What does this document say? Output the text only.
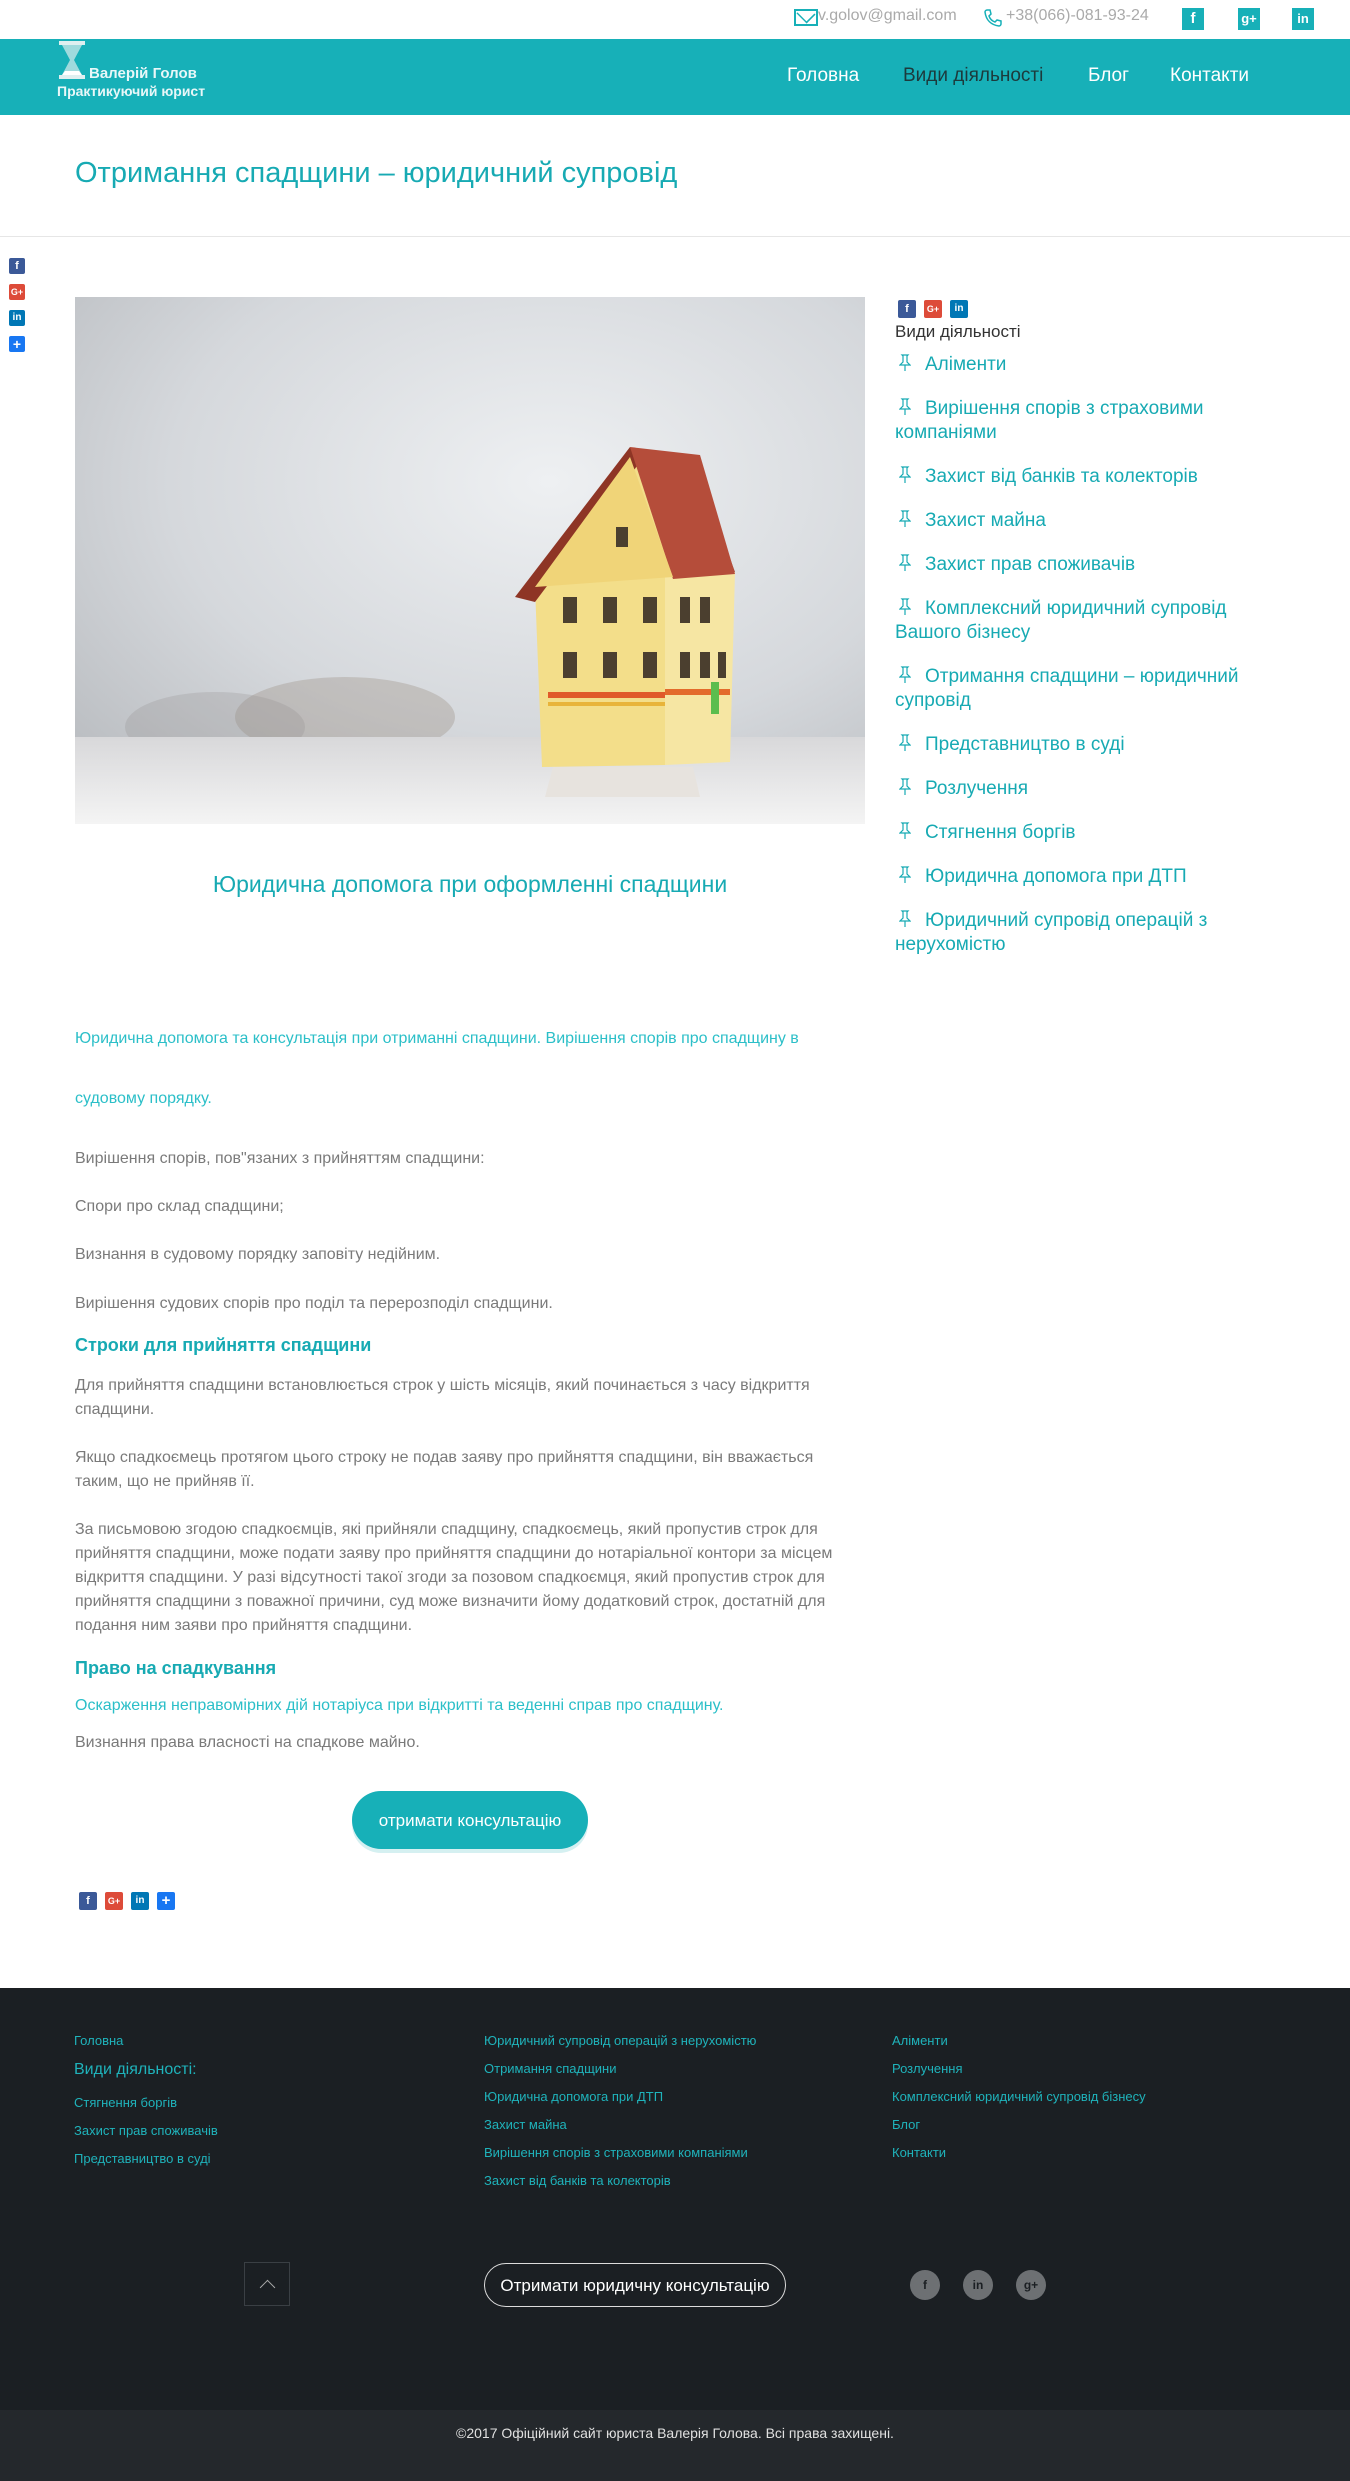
v.golov@gmail.com	+38(066)-081-93-24	f	g+	in
Валерій Голов
Практикуючий юрист
Головна Види діяльності Блог Контакти
Отримання спадщини – юридичний супровід
f
G+
in
+
Юридична допомога при оформленні спадщини
Юридична допомога та консультація при отриманні спадщини. Вирішення спорів про спадщину в
судовому порядку.
Вирішення спорів, пов"язаних з прийняттям спадщини:
Спори про склад спадщини;
Визнання в судовому порядку заповіту недійним.
Вирішення судових спорів про поділ та перерозподіл спадщини.
Строки для прийняття спадщини
Для прийняття спадщини встановлюється строк у шість місяців, який починається з часу відкриття спадщини.
Якщо спадкоємець протягом цього строку не подав заяву про прийняття спадщини, він вважається таким, що не прийняв її.
За письмовою згодою спадкоємців, які прийняли спадщину, спадкоємець, який пропустив строк для прийняття спадщини, може подати заяву про прийняття спадщини до нотаріальної контори за місцем відкриття спадщини. У разі відсутності такої згоди за позовом спадкоємця, який пропустив строк для прийняття спадщини з поважної причини, суд може визначити йому додатковий строк, достатній для подання ним заяви про прийняття спадщини.
Право на спадкування
Оскарження неправомірних дій нотаріуса при відкритті та веденні справ про спадщину.
Визнання права власності на спадкове майно.
отримати консультацію
f	G+	in	+
f	G+	in
Види діяльності
Аліменти
Вирішення спорів з страховими компаніями
Захист від банків та колекторів
Захист майна
Захист прав споживачів
Комплексний юридичний супровід Вашого бізнесу
Отримання спадщини – юридичний супровід
Представництво в суді
Розлучення
Стягнення боргів
Юридична допомога при ДТП
Юридичний супровід операцій з нерухомістю
Головна
Види діяльності:
Стягнення боргів
Захист прав споживачів
Представництво в суді
Юридичний супровід операцій з нерухомістю
Отримання спадщини
Юридична допомога при ДТП
Захист майна
Вирішення спорів з страховими компаніями
Захист від банків та колекторів
Аліменти
Розлучення
Комплексний юридичний супровід бізнесу
Блог
Контакти
Отримати юридичну консультацію	f	in	g+
©2017 Офіційний сайт юриста Валерія Голова. Всі права захищені.
